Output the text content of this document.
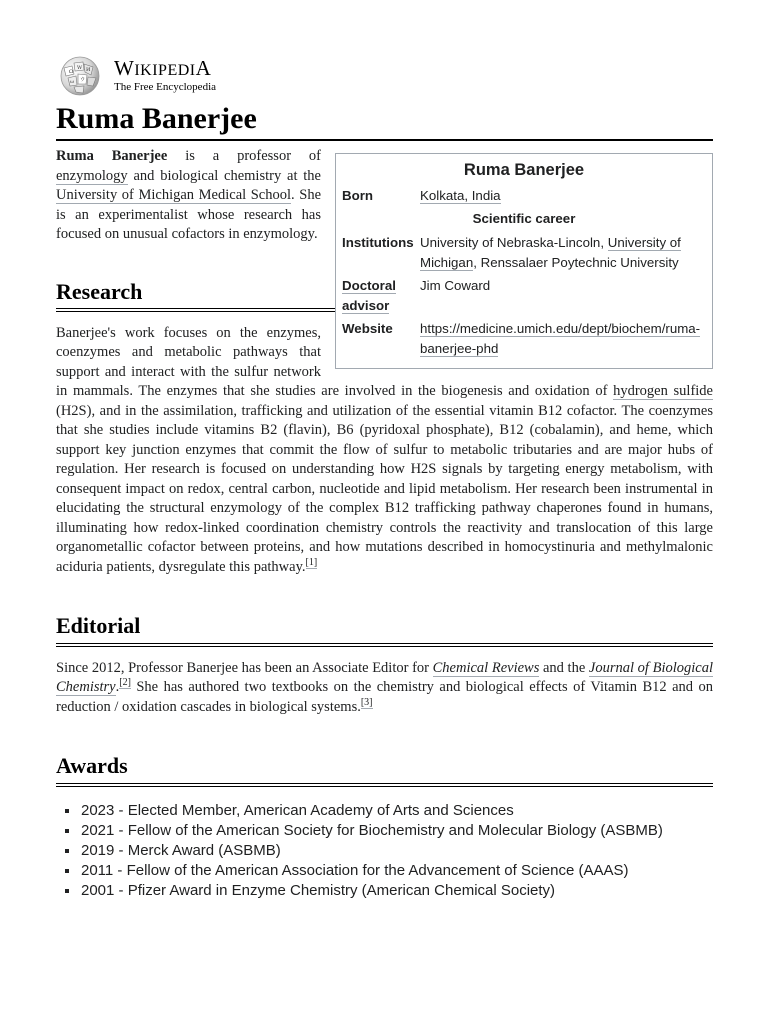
Ω
W И
ウ
ω
WIKIPEDIA
The Free Encyclopedia
Ruma Banerjee
Ruma Banerjee
Born	Kolkata, India
Scientific career
Institutions University of Nebraska-Lincoln, University of Michigan, Renssalaer Poytechnic University
Doctoral advisor
Jim Coward
Website	https://medicine.umich.edu/dept/biochem/ruma-banerjee-phd

Ruma Banerjee is a professor of enzymology and biological chemistry at the University of Michigan Medical School. She is an experimentalist whose research has focused on unusual cofactors in enzymology.

Research

Banerjee's work focuses on the enzymes, coenzymes and metabolic pathways that support and interact with the sulfur network in mammals. The enzymes that she studies are involved in the biogenesis and oxidation of hydrogen sulfide (H2S), and in the assimilation, trafficking and utilization of the essential vitamin B12 cofactor. The coenzymes that she studies include vitamins B2 (flavin), B6 (pyridoxal phosphate), B12 (cobalamin), and heme, which support key junction enzymes that commit the flow of sulfur to metabolic tributaries and are major hubs of regulation. Her research is focused on understanding how H2S signals by targeting energy metabolism, with consequent impact on redox, central carbon, nucleotide and lipid metabolism. Her research been instrumental in elucidating the structural enzymology of the complex B12 trafficking pathway chaperones found in humans, illuminating how redox-linked coordination chemistry controls the reactivity and translocation of this large organometallic cofactor between proteins, and how mutations described in homocystinuria and methylmalonic aciduria patients, dysregulate this pathway.[1]

Editorial

Since 2012, Professor Banerjee has been an Associate Editor for Chemical Reviews and the Journal of Biological Chemistry.[2] She has authored two textbooks on the chemistry and biological effects of Vitamin B12 and on reduction / oxidation cascades in biological systems.[3]

Awards
▪ 2023 - Elected Member, American Academy of Arts and Sciences
▪ 2021 - Fellow of the American Society for Biochemistry and Molecular Biology (ASBMB)
▪ 2019 - Merck Award (ASBMB)
▪ 2011 - Fellow of the American Association for the Advancement of Science (AAAS)
▪ 2001 - Pfizer Award in Enzyme Chemistry (American Chemical Society)
